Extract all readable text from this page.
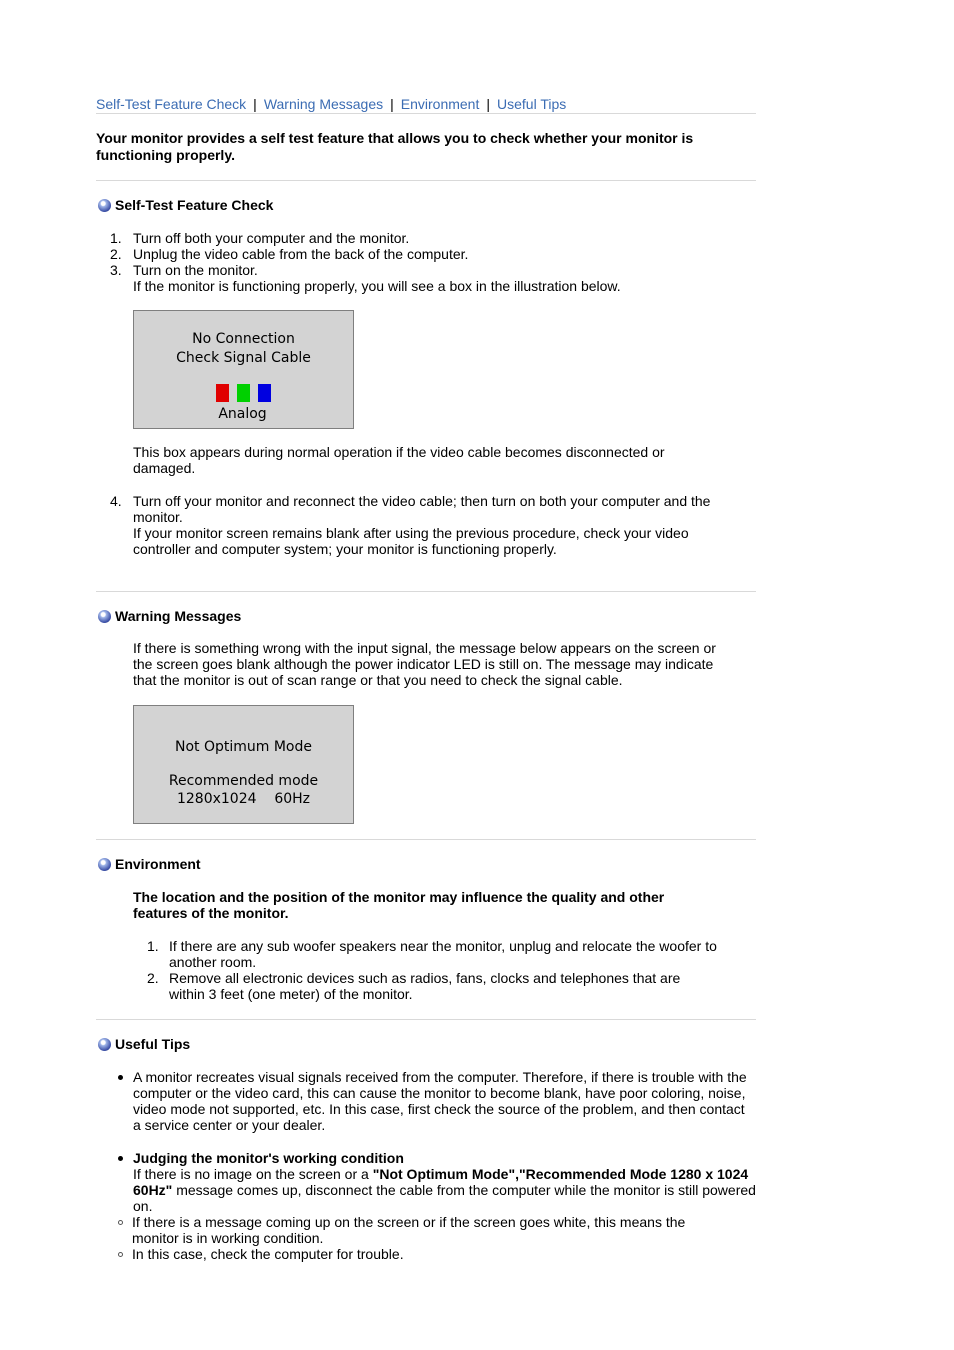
Self-Test Feature Check | Warning Messages | Environment | Useful Tips
Your monitor provides a self test feature that allows you to check whether your monitor is functioning properly.
Self-Test Feature Check
1. Turn off both your computer and the monitor.
2. Unplug the video cable from the back of the computer.
3. Turn on the monitor.
If the monitor is functioning properly, you will see a box in the illustration below.
No Connection
Check Signal Cable
Analog
This box appears during normal operation if the video cable becomes disconnected or damaged.
4. Turn off your monitor and reconnect the video cable; then turn on both your computer and the monitor.
If your monitor screen remains blank after using the previous procedure, check your video controller and computer system; your monitor is functioning properly.
Warning Messages
If there is something wrong with the input signal, the message below appears on the screen or the screen goes blank although the power indicator LED is still on. The message may indicate that the monitor is out of scan range or that you need to check the signal cable.
Not Optimum Mode
Recommended mode
1280x1024    60Hz
Environment
The location and the position of the monitor may influence the quality and other features of the monitor.
1. If there are any sub woofer speakers near the monitor, unplug and relocate the woofer to another room.
2. Remove all electronic devices such as radios, fans, clocks and telephones that are within 3 feet (one meter) of the monitor.
Useful Tips
A monitor recreates visual signals received from the computer. Therefore, if there is trouble with the computer or the video card, this can cause the monitor to become blank, have poor coloring, noise, video mode not supported, etc. In this case, first check the source of the problem, and then contact a service center or your dealer.
Judging the monitor's working condition
If there is no image on the screen or a "Not Optimum Mode","Recommended Mode 1280 x 1024 60Hz" message comes up, disconnect the cable from the computer while the monitor is still powered on.
If there is a message coming up on the screen or if the screen goes white, this means the monitor is in working condition.
In this case, check the computer for trouble.
